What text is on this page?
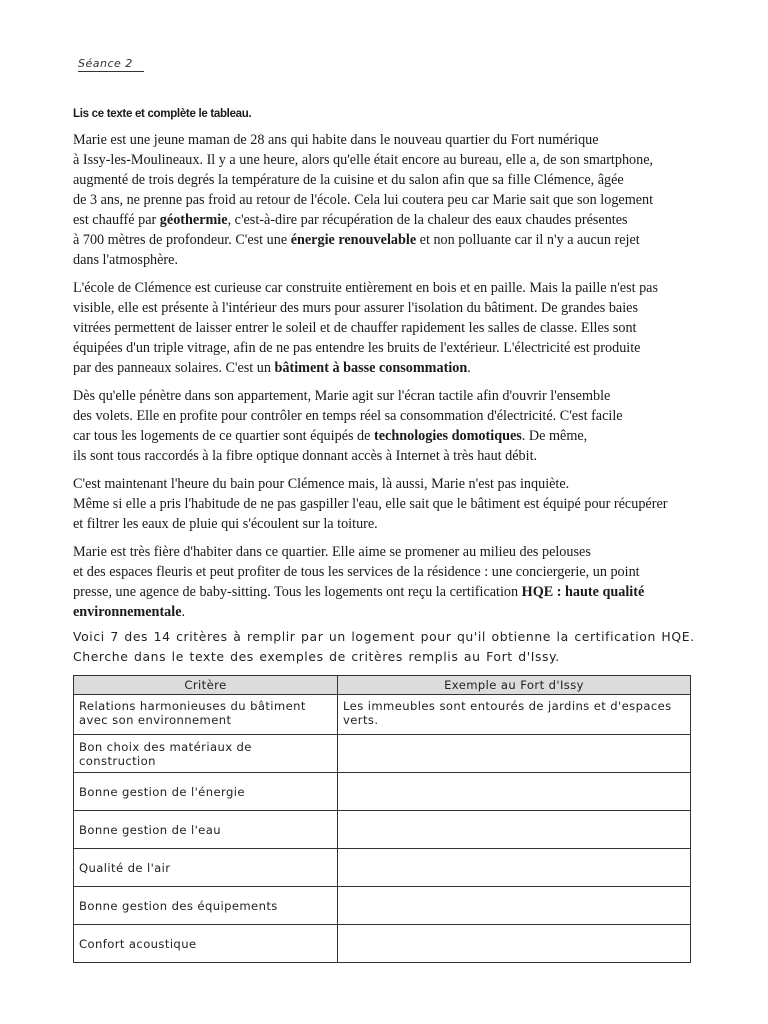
Séance 2
Lis ce texte et complète le tableau.

Marie est une jeune maman de 28 ans qui habite dans le nouveau quartier du Fort numérique
à Issy-les-Moulineaux. Il y a une heure, alors qu'elle était encore au bureau, elle a, de son smartphone,
augmenté de trois degrés la température de la cuisine et du salon afin que sa fille Clémence, âgée
de 3 ans, ne prenne pas froid au retour de l'école. Cela lui coutera peu car Marie sait que son logement
est chauffé par géothermie, c'est-à-dire par récupération de la chaleur des eaux chaudes présentes
à 700 mètres de profondeur. C'est une énergie renouvelable et non polluante car il n'y a aucun rejet
dans l'atmosphère.

L'école de Clémence est curieuse car construite entièrement en bois et en paille. Mais la paille n'est pas
visible, elle est présente à l'intérieur des murs pour assurer l'isolation du bâtiment. De grandes baies
vitrées permettent de laisser entrer le soleil et de chauffer rapidement les salles de classe. Elles sont
équipées d'un triple vitrage, afin de ne pas entendre les bruits de l'extérieur. L'électricité est produite
par des panneaux solaires. C'est un bâtiment à basse consommation.

Dès qu'elle pénètre dans son appartement, Marie agit sur l'écran tactile afin d'ouvrir l'ensemble
des volets. Elle en profite pour contrôler en temps réel sa consommation d'électricité. C'est facile
car tous les logements de ce quartier sont équipés de technologies domotiques. De même,
ils sont tous raccordés à la fibre optique donnant accès à Internet à très haut débit.

C'est maintenant l'heure du bain pour Clémence mais, là aussi, Marie n'est pas inquiète.
Même si elle a pris l'habitude de ne pas gaspiller l'eau, elle sait que le bâtiment est équipé pour récupérer
et filtrer les eaux de pluie qui s'écoulent sur la toiture.

Marie est très fière d'habiter dans ce quartier. Elle aime se promener au milieu des pelouses
et des espaces fleuris et peut profiter de tous les services de la résidence : une conciergerie, un point
presse, une agence de baby-sitting. Tous les logements ont reçu la certification HQE : haute qualité
environnementale.

Voici 7 des 14 critères à remplir par un logement pour qu'il obtienne la certification HQE.
Cherche dans le texte des exemples de critères remplis au Fort d'Issy.
Critère	Exemple au Fort d'Issy
Relations harmonieuses du bâtiment avec son environnement	Les immeubles sont entourés de jardins et d'espaces verts.
Bon choix des matériaux de construction	
Bonne gestion de l'énergie	
Bonne gestion de l'eau	
Qualité de l'air	
Bonne gestion des équipements	
Confort acoustique	
